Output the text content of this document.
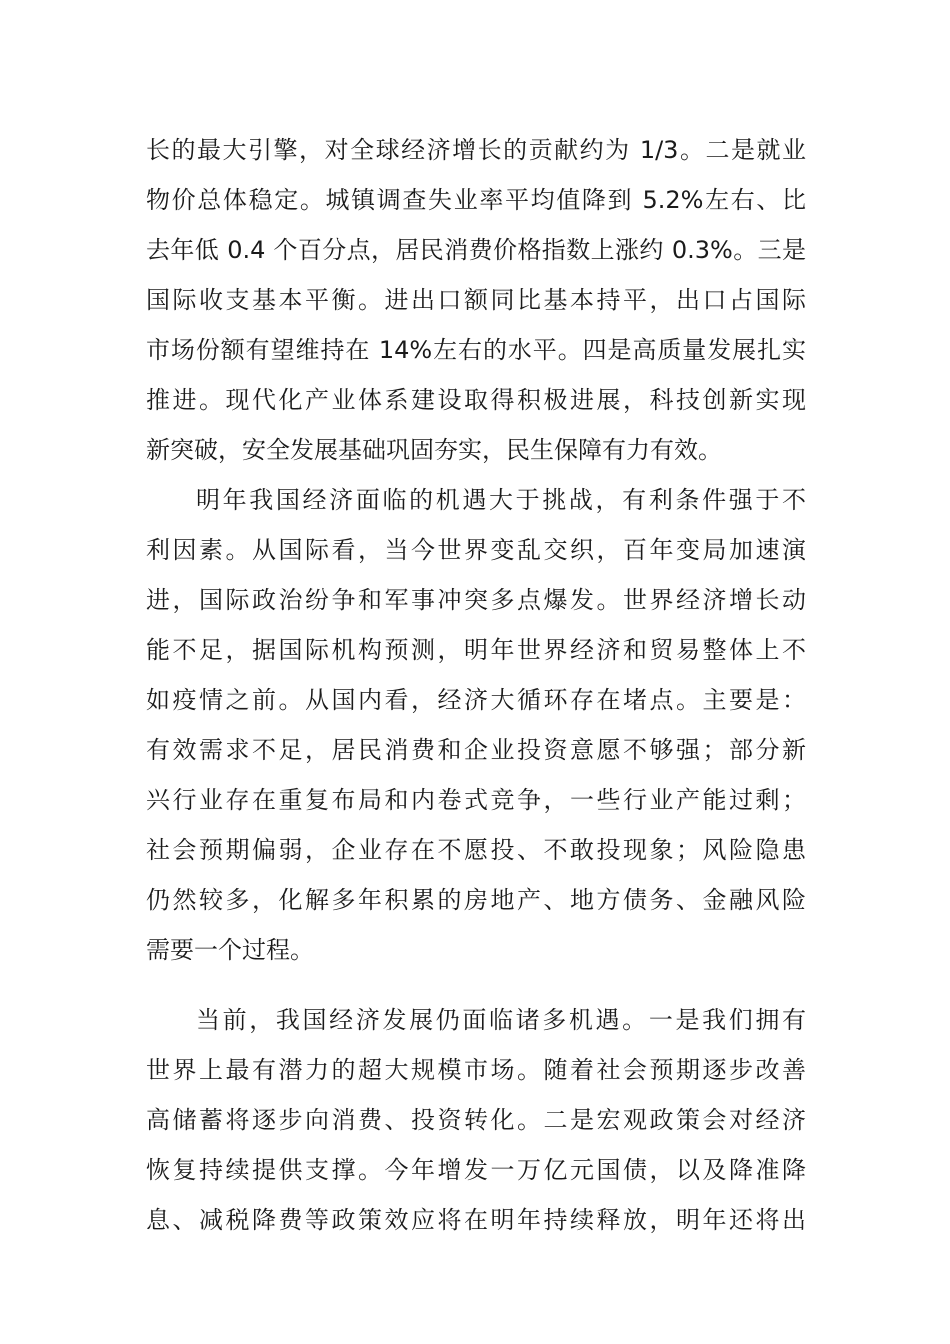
长的最大引擎，对全球经济增长的贡献约为 1/3。二是就业
物价总体稳定。城镇调查失业率平均值降到 5.2%左右、比
去年低 0.4 个百分点，居民消费价格指数上涨约 0.3%。三是
国际收支基本平衡。进出口额同比基本持平，出口占国际
市场份额有望维持在 14%左右的水平。四是高质量发展扎实
推进。现代化产业体系建设取得积极进展，科技创新实现
新突破，安全发展基础巩固夯实，民生保障有力有效。
明年我国经济面临的机遇大于挑战，有利条件强于不
利因素。从国际看，当今世界变乱交织，百年变局加速演
进，国际政治纷争和军事冲突多点爆发。世界经济增长动
能不足，据国际机构预测，明年世界经济和贸易整体上不
如疫情之前。从国内看，经济大循环存在堵点。主要是：
有效需求不足，居民消费和企业投资意愿不够强；部分新
兴行业存在重复布局和内卷式竞争，一些行业产能过剩；
社会预期偏弱，企业存在不愿投、不敢投现象；风险隐患
仍然较多，化解多年积累的房地产、地方债务、金融风险
需要一个过程。
当前，我国经济发展仍面临诸多机遇。一是我们拥有
世界上最有潜力的超大规模市场。随着社会预期逐步改善
高储蓄将逐步向消费、投资转化。二是宏观政策会对经济
恢复持续提供支撑。今年增发一万亿元国债，以及降准降
息、减税降费等政策效应将在明年持续释放，明年还将出
